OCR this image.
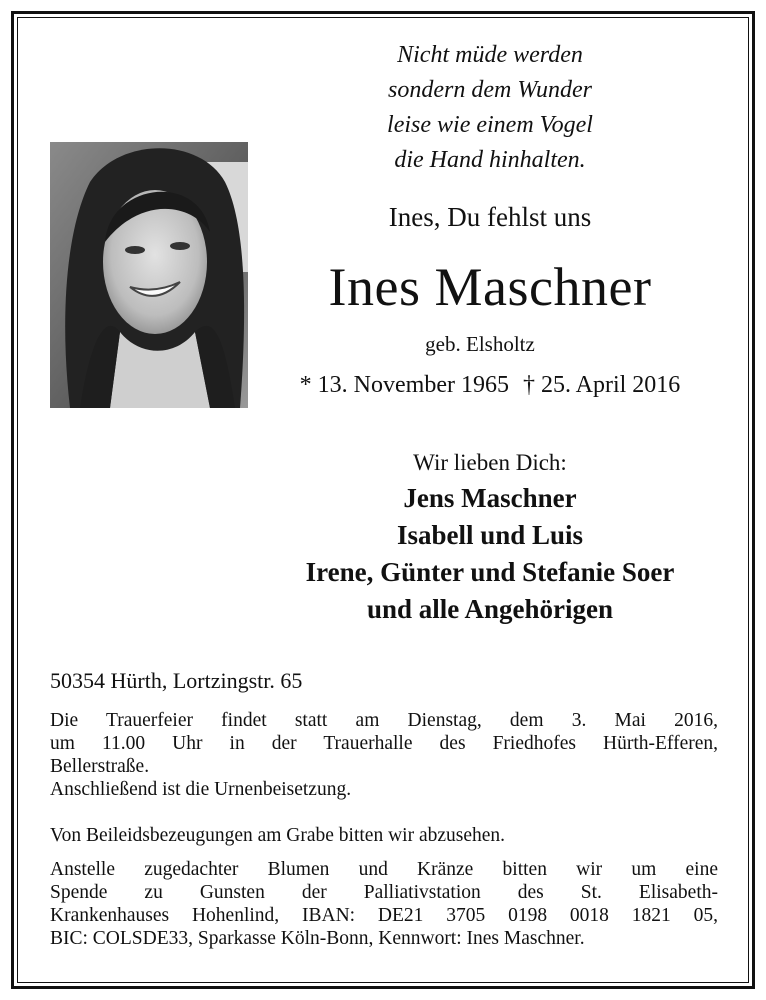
Nicht müde werden
sondern dem Wunder
leise wie einem Vogel
die Hand hinhalten.
Ines, Du fehlst uns
Ines Maschner
geb. Elsholtz
* 13. November 1965 † 25. April 2016
Wir lieben Dich:
Jens Maschner
Isabell und Luis
Irene, Günter und Stefanie Soer
und alle Angehörigen
50354 Hürth, Lortzingstr. 65
Die Trauerfeier findet statt am Dienstag, dem 3. Mai 2016,
um 11.00 Uhr in der Trauerhalle des Friedhofes Hürth-Efferen,
Bellerstraße.
Anschließend ist die Urnenbeisetzung.
Von Beileidsbezeugungen am Grabe bitten wir abzusehen.
Anstelle zugedachter Blumen und Kränze bitten wir um eine
Spende zu Gunsten der Palliativstation des St. Elisabeth-
Krankenhauses Hohenlind, IBAN: DE21 3705 0198 0018 1821 05,
BIC: COLSDE33, Sparkasse Köln-Bonn, Kennwort: Ines Maschner.
